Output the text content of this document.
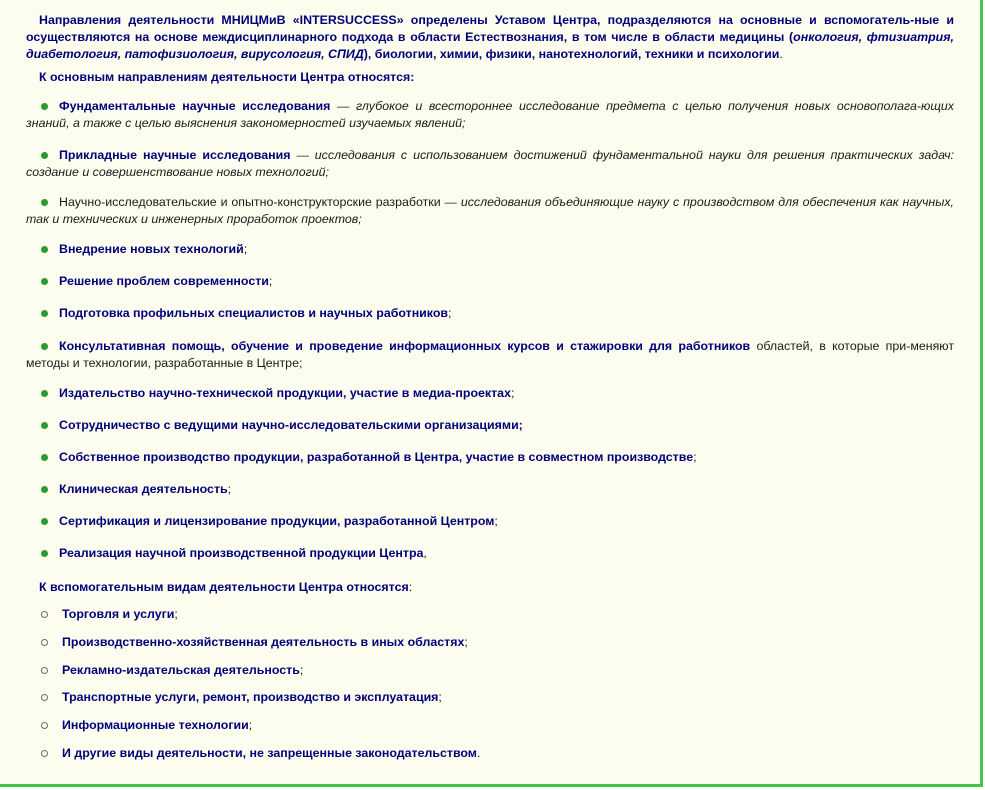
Направления деятельности МНИЦМиВ «INTERSUCCESS» определены Уставом Центра, подразделяются на основные и вспомогатель-ные и осуществляются на основе междисциплинарного подхода в области Естествознания, в том числе в области медицины (онкология, фтизиатрия, диабетология, патофизиология, вирусология, СПИД), биологии, химии, физики, нанотехнологий, техники и психологии.

К основным направлениям деятельности Центра относятся:

Фундаментальные научные исследования — глубокое и всестороннее исследование предмета с целью получения новых основополага-ющих знаний, а также с целью выяснения закономерностей изучаемых явлений;

Прикладные научные исследования — исследования с использованием достижений фундаментальной науки для решения практических задач: создание и совершенствование новых технологий;

Научно-исследовательские и опытно-конструкторские разработки — исследования объединяющие науку с производством для обеспечения как научных, так и технических и инженерных проработок проектов;

Внедрение новых технологий;

Решение проблем современности;

Подготовка профильных специалистов и научных работников;

Консультативная помощь, обучение и проведение информационных курсов и стажировки для работников областей, в которые при-меняют методы и технологии, разработанные в Центре;

Издательство научно-технической продукции, участие в медиа-проектах;

Сотрудничество с ведущими научно-исследовательскими организациями;

Собственное производство продукции, разработанной в Центра, участие в совместном производстве;

Клиническая деятельность;

Сертификация и лицензирование продукции, разработанной Центром;

Реализация научной производственной продукции Центра,

К вспомогательным видам деятельности Центра относятся:

Торговля и услуги;

Производственно-хозяйственная деятельность в иных областях;

Рекламно-издательская деятельность;

Транспортные услуги, ремонт, производство и эксплуатация;

Информационные технологии;

И другие виды деятельности, не запрещенные законодательством.
